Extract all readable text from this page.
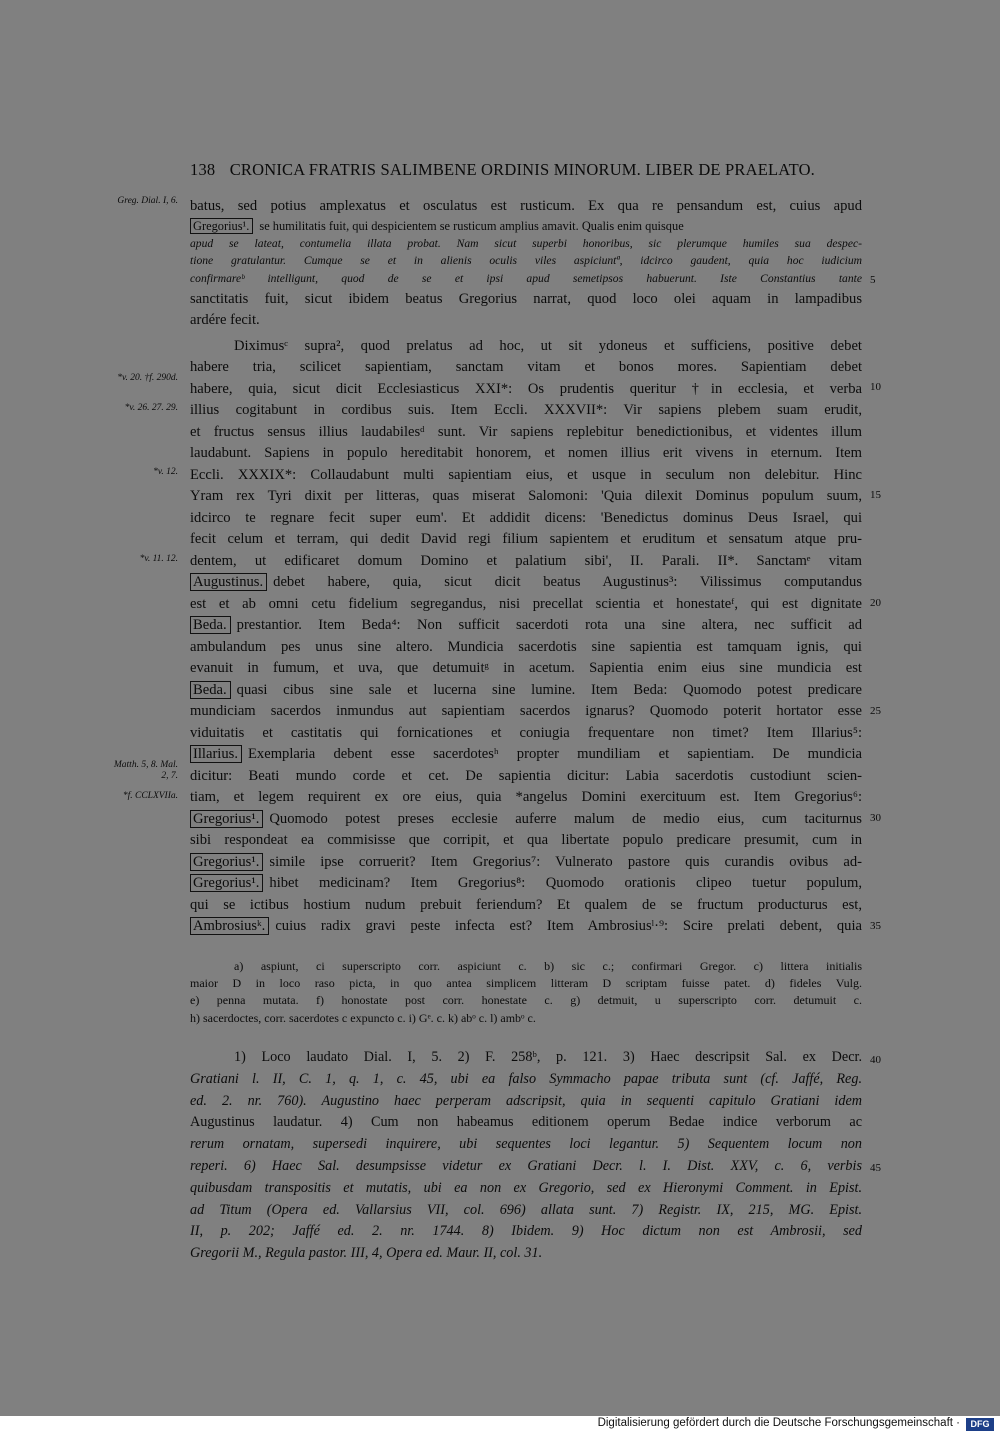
138 CRONICA FRATRIS SALIMBENE ORDINIS MINORUM. LIBER DE PRAELATO.
Greg. Dial. I, 6.
*v. 20. †f. 290d.
*v. 26. 27. 29.
*v. 12.
*v. 11. 12.
Matth. 5, 8. Mal. 2, 7.
*f. CCLXVIIa.
5
10
15
20
25
30
35
batus, sed potius amplexatus et osculatus est rusticum. Ex qua re pensandum est, cuius apud
Gregorius¹. se humilitatis fuit, qui despicientem se rusticum amplius amavit. Qualis enim quisque
apud se lateat, contumelia illata probat. Nam sicut superbi honoribus, sic plerumque humiles sua despec-
tione gratulantur. Cumque se et in alienis oculis viles aspiciuntª, idcirco gaudent, quia hoc iudicium
confirmareᵇ intelligunt, quod de se et ipsi apud semetipsos habuerunt. Iste Constantius tante
sanctitatis fuit, sicut ibidem beatus Gregorius narrat, quod loco olei aquam in lampadibus
ardére fecit.
Diximusᶜ supra², quod prelatus ad hoc, ut sit ydoneus et sufficiens, positive debet
habere tria, scilicet sapientiam, sanctam vitam et bonos mores. Sapientiam debet
habere, quia, sicut dicit Ecclesiasticus XXI*: Os prudentis queritur †in ecclesia, et verba
illius cogitabunt in cordibus suis. Item Eccli. XXXVII*: Vir sapiens plebem suam erudit,
et fructus sensus illius laudabilesᵈ sunt. Vir sapiens replebitur benedictionibus, et videntes illum
laudabunt. Sapiens in populo hereditabit honorem, et nomen illius erit vivens in eternum. Item
Eccli. XXXIX*: Collaudabunt multi sapientiam eius, et usque in seculum non delebitur. Hinc
Yram rex Tyri dixit per litteras, quas miserat Salomoni: 'Quia dilexit Dominus populum suum,
idcirco te regnare fecit super eum'. Et addidit dicens: 'Benedictus dominus Deus Israel, qui
fecit celum et terram, qui dedit David regi filium sapientem et eruditum et sensatum atque pru-
dentem, ut edificaret domum Domino et palatium sibi', II. Parali. II*. Sanctamᵉ vitam
Augustinus. debet habere, quia, sicut dicit beatus Augustinus³: Vilissimus computandus
est et ab omni cetu fidelium segregandus, nisi precellat scientia et honestateᶠ, qui est dignitate
Beda. prestantior. Item Beda⁴: Non sufficit sacerdoti rota una sine altera, nec sufficit ad
ambulandum pes unus sine altero. Mundicia sacerdotis sine sapientia est tamquam ignis, qui
evanuit in fumum, et uva, que detumuitᵍ in acetum. Sapientia enim eius sine mundicia est
Beda. quasi cibus sine sale et lucerna sine lumine. Item Beda: Quomodo potest predicare
mundiciam sacerdos inmundus aut sapientiam sacerdos ignarus? Quomodo poterit hortator esse
viduitatis et castitatis qui fornicationes et coniugia frequentare non timet? Item Illarius⁵:
Illarius. Exemplaria debent esse sacerdotesʰ propter mundiliam et sapientiam. De mundicia
dicitur: Beati mundo corde et cet. De sapientia dicitur: Labia sacerdotis custodiunt scien-
tiam, et legem requirent ex ore eius, quia *angelus Domini exercituum est. Item Gregorius⁶:
Gregorius¹. Quomodo potest preses ecclesie auferre malum de medio eius, cum taciturnus
sibi respondeat ea commisisse que corripit, et qua libertate populo predicare presumit, cum in
Gregorius¹. simile ipse corruerit? Item Gregorius⁷: Vulnerato pastore quis curandis ovibus ad-
Gregorius¹. hibet medicinam? Item Gregorius⁸: Quomodo orationis clipeo tuetur populum,
qui se ictibus hostium nudum prebuit feriendum? Et qualem de se fructum producturus est,
Ambrosiusᵏ. cuius radix gravi peste infecta est? Item Ambrosiusˡ·⁹: Scire prelati debent, quia
a) aspiunt, ci superscripto corr. aspiciunt c. b) sic c.; confirmari Gregor. c) littera initialis
maior D in loco raso picta, in quo antea simplicem litteram D scriptam fuisse patet. d) fideles Vulg.
e) penna mutata. f) honostate post corr. honestate c. g) detmuit, u superscripto corr. detumuit c.
h) sacerdoctes, corr. sacerdotes c expuncto c. i) Gᵉ. c. k) abᵒ c. l) ambᵒ c.
40
45
1) Loco laudato Dial. I, 5. 2) F. 258ᵇ, p. 121. 3) Haec descripsit Sal. ex Decr.
Gratiani l. II, C. 1, q. 1, c. 45, ubi ea falso Symmacho papae tributa sunt (cf. Jaffé, Reg.
ed. 2. nr. 760). Augustino haec perperam adscripsit, quia in sequenti capitulo Gratiani idem
Augustinus laudatur. 4) Cum non habeamus editionem operum Bedae indice verborum ac
rerum ornatam, supersedi inquirere, ubi sequentes loci legantur. 5) Sequentem locum non
reperi. 6) Haec Sal. desumpsisse videtur ex Gratiani Decr. l. I. Dist. XXV, c. 6, verbis
quibusdam transpositis et mutatis, ubi ea non ex Gregorio, sed ex Hieronymi Comment. in Epist.
ad Titum (Opera ed. Vallarsius VII, col. 696) allata sunt. 7) Registr. IX, 215, MG. Epist.
II, p. 202; Jaffé ed. 2. nr. 1744. 8) Ibidem. 9) Hoc dictum non est Ambrosii, sed
Gregorii M., Regula pastor. III, 4, Opera ed. Maur. II, col. 31.
Digitalisierung gefördert durch die Deutsche Forschungsgemeinschaft ·	DFG
